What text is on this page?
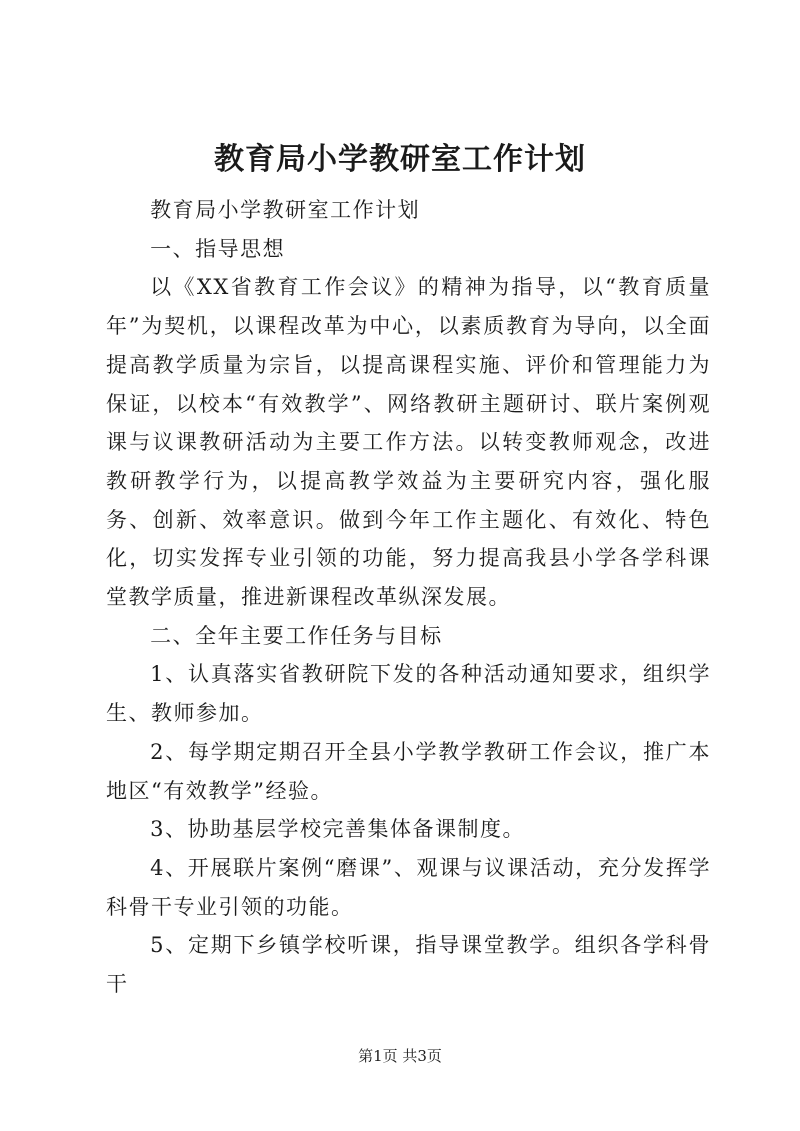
教育局小学教研室工作计划

教育局小学教研室工作计划

一、指导思想

以《XX省教育工作会议》的精神为指导，以“教育质量年”为契机，以课程改革为中心，以素质教育为导向，以全面提高教学质量为宗旨，以提高课程实施、评价和管理能力为保证，以校本“有效教学”、网络教研主题研讨、联片案例观课与议课教研活动为主要工作方法。以转变教师观念，改进教研教学行为，以提高教学效益为主要研究内容，强化服务、创新、效率意识。做到今年工作主题化、有效化、特色化，切实发挥专业引领的功能，努力提高我县小学各学科课堂教学质量，推进新课程改革纵深发展。

二、全年主要工作任务与目标

1、认真落实省教研院下发的各种活动通知要求，组织学生、教师参加。

2、每学期定期召开全县小学教学教研工作会议，推广本地区“有效教学”经验。

3、协助基层学校完善集体备课制度。

4、开展联片案例“磨课”、观课与议课活动，充分发挥学科骨干专业引领的功能。

5、定期下乡镇学校听课，指导课堂教学。组织各学科骨干

第1页 共3页
